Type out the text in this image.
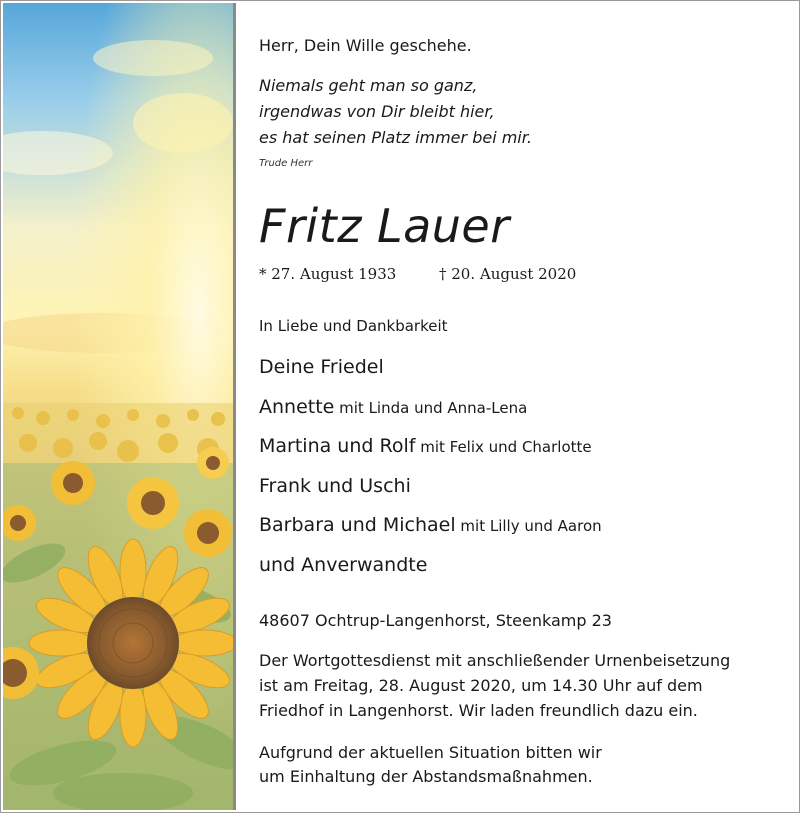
Herr, Dein Wille geschehe.
Niemals geht man so ganz,
irgendwas von Dir bleibt hier,
es hat seinen Platz immer bei mir.
Trude Herr
Fritz Lauer
* 27. August 1933	† 20. August 2020
In Liebe und Dankbarkeit
Deine Friedel
Annette mit Linda und Anna-Lena
Martina und Rolf mit Felix und Charlotte
Frank und Uschi
Barbara und Michael mit Lilly und Aaron
und Anverwandte
48607 Ochtrup-Langenhorst, Steenkamp 23
Der Wortgottesdienst mit anschließender Urnenbeisetzung
ist am Freitag, 28. August 2020, um 14.30 Uhr auf dem
Friedhof in Langenhorst. Wir laden freundlich dazu ein.
Aufgrund der aktuellen Situation bitten wir
um Einhaltung der Abstandsmaßnahmen.
